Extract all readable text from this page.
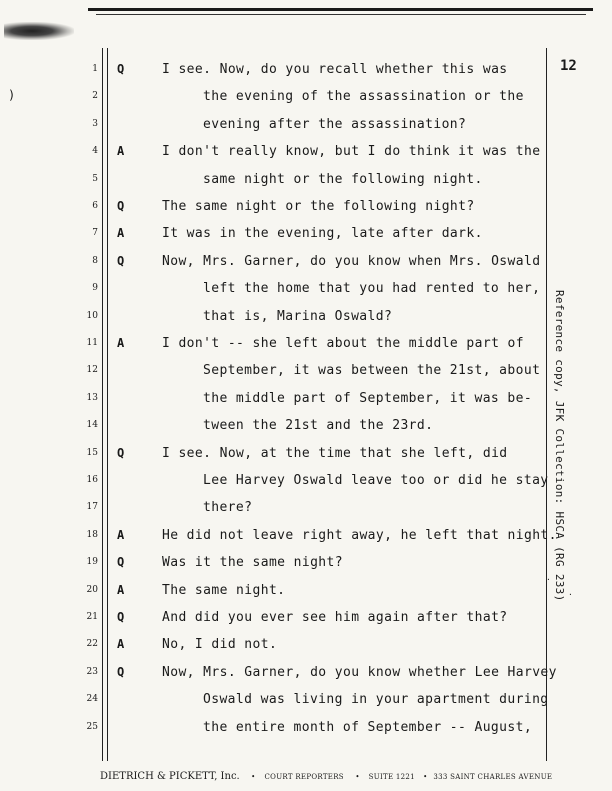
)
12
1 Q	I see. Now, do you recall whether this was
2	the evening of the assassination or the
3	evening after the assassination?
4 A	I don't really know, but I do think it was the
5	same night or the following night.
6 Q	The same night or the following night?
7 A	It was in the evening, late after dark.
8 Q	Now, Mrs. Garner, do you know when Mrs. Oswald
9	left the home that you had rented to her,
10	that is, Marina Oswald?
11 A	I don't -- she left about the middle part of
12	September, it was between the 21st, about
13	the middle part of September, it was be-
14	tween the 21st and the 23rd.
15 Q	I see. Now, at the time that she left, did
16	Lee Harvey Oswald leave too or did he stay
17	there?
18 A	He did not leave right away, he left that night.
19 Q	Was it the same night?
20 A	The same night.
21 Q	And did you ever see him again after that?
22 A	No, I did not.
23 Q	Now, Mrs. Garner, do you know whether Lee Harvey
24	Oswald was living in your apartment during
25	the entire month of September -- August,
Reference copy, JFK Collection: HSCA (RG 233)
·
·
DIETRICH & PICKETT, Inc. • COURT REPORTERS • SUITE 1221   •  333 SAINT CHARLES AVENUE
